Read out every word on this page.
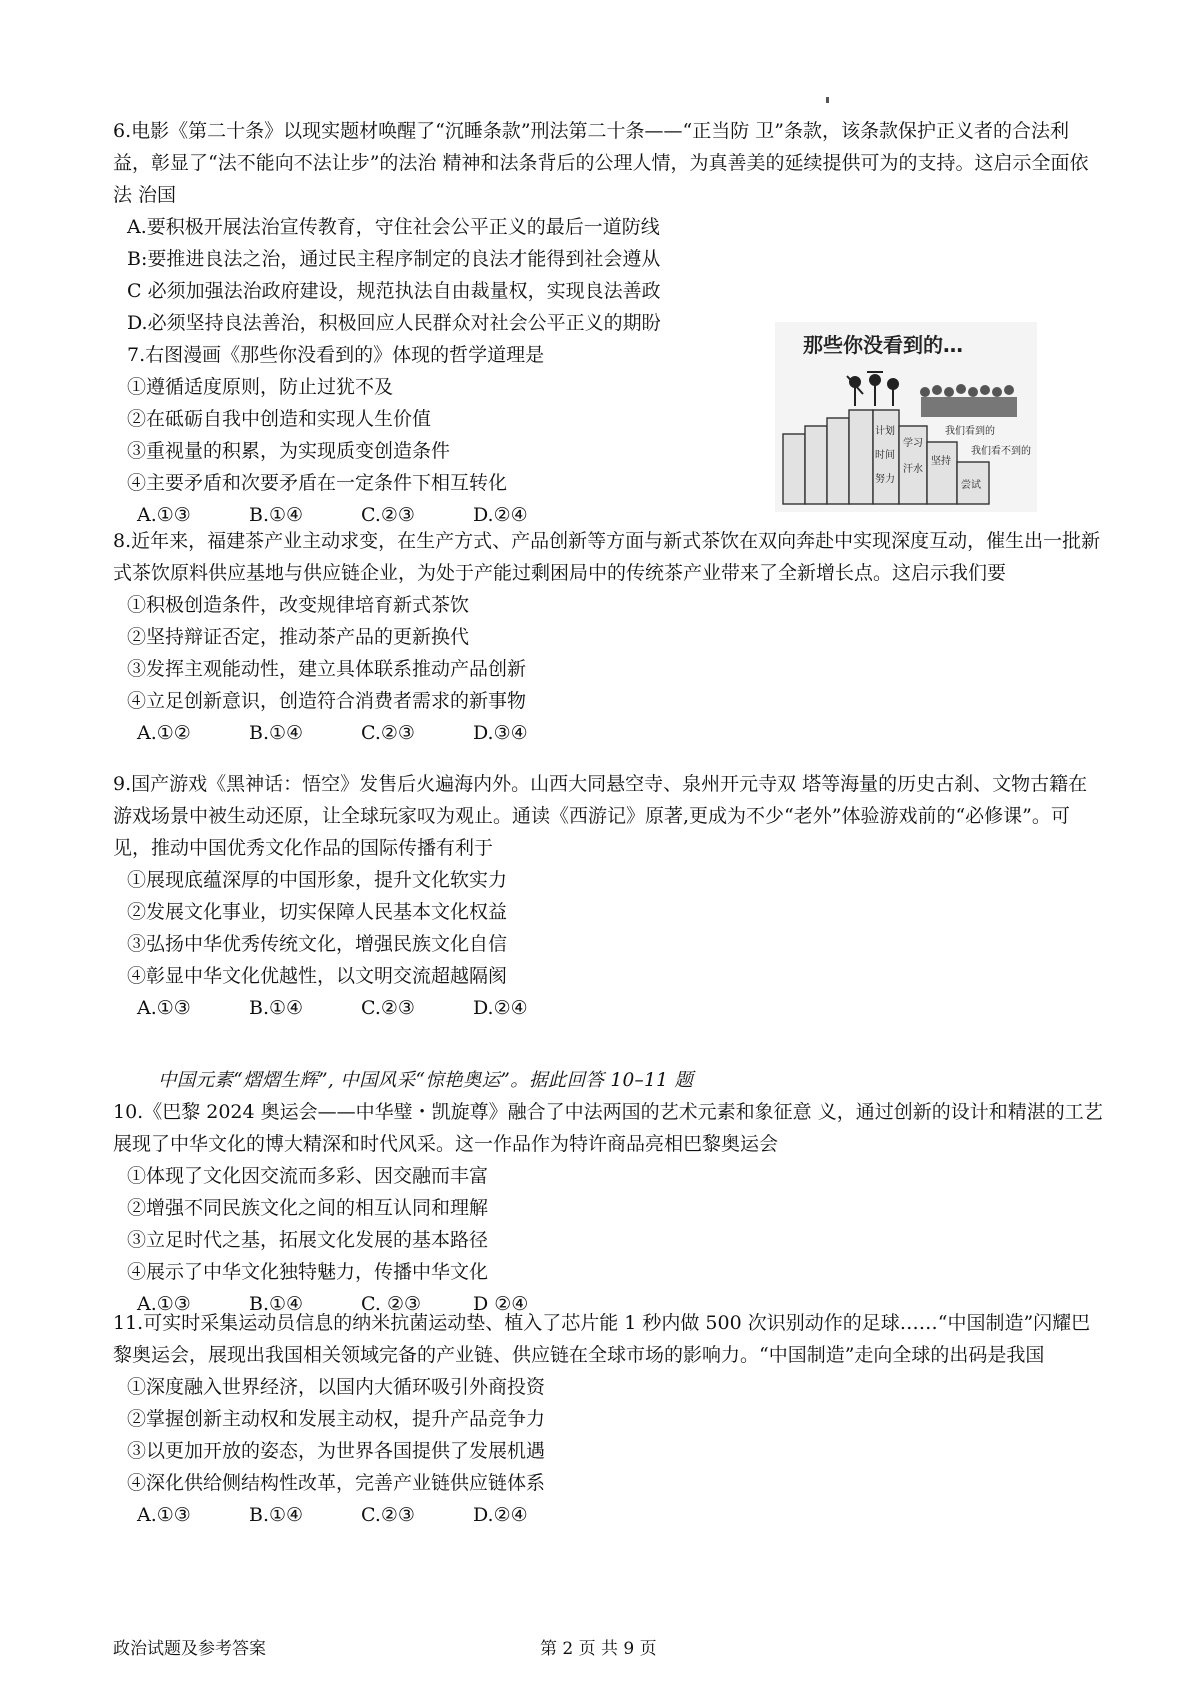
6.电影《第二十条》以现实题材唤醒了“沉睡条款”刑法第二十条——“正当防 卫”条款，该条款保护正义者的合法利益，彰显了“法不能向不法让步”的法治 精神和法条背后的公理人情，为真善美的延续提供可为的支持。这启示全面依法 治国

A.要积极开展法治宣传教育，守住社会公平正义的最后一道防线

B:要推进良法之治，通过民主程序制定的良法才能得到社会遵从

C 必须加强法治政府建设，规范执法自由裁量权，实现良法善政

D.必须坚持良法善治，积极回应人民群众对社会公平正义的期盼

7.右图漫画《那些你没看到的》体现的哲学道理是

①遵循适度原则，防止过犹不及

②在砥砺自我中创造和实现人生价值

③重视量的积累，为实现质变创造条件

④主要矛盾和次要矛盾在一定条件下相互转化

A.①③	B.①④	C.②③	D.②④
那些你没看到的…
计划
时间
努力
学习
汗水
坚持
尝试
我们看到的
我们看不到的

8.近年来，福建茶产业主动求变，在生产方式、产品创新等方面与新式茶饮在双向奔赴中实现深度互动，催生出一批新式茶饮原料供应基地与供应链企业，为处于产能过剩困局中的传统茶产业带来了全新增长点。这启示我们要

①积极创造条件，改变规律培育新式茶饮

②坚持辩证否定，推动茶产品的更新换代

③发挥主观能动性，建立具体联系推动产品创新

④立足创新意识，创造符合消费者需求的新事物

A.①②	B.①④	C.②③	D.③④

9.国产游戏《黑神话：悟空》发售后火遍海内外。山西大同悬空寺、泉州开元寺双 塔等海量的历史古刹、文物古籍在游戏场景中被生动还原，让全球玩家叹为观止。通读《西游记》原著,更成为不少“老外”体验游戏前的“必修课”。可见，推动中国优秀文化作品的国际传播有利于

①展现底蕴深厚的中国形象，提升文化软实力

②发展文化事业，切实保障人民基本文化权益

③弘扬中华优秀传统文化，增强民族文化自信

④彰显中华文化优越性，以文明交流超越隔阂

A.①③	B.①④	C.②③	D.②④
中国元素“熠熠生辉”, 中国风采“惊艳奥运”。据此回答 10–11 题

10.《巴黎 2024 奥运会——中华璧・凯旋尊》融合了中法两国的艺术元素和象征意 义，通过创新的设计和精湛的工艺展现了中华文化的博大精深和时代风采。这一作品作为特许商品亮相巴黎奥运会

①体现了文化因交流而多彩、因交融而丰富

②增强不同民族文化之间的相互认同和理解

③立足时代之基，拓展文化发展的基本路径

④展示了中华文化独特魅力，传播中华文化

A.①③	B.①④	C. ②③	D ②④

11.可实时采集运动员信息的纳米抗菌运动垫、植入了芯片能 1 秒内做 500 次识别动作的足球……“中国制造”闪耀巴黎奥运会，展现出我国相关领域完备的产业链、供应链在全球市场的影响力。“中国制造”走向全球的出码是我国

①深度融入世界经济，以国内大循环吸引外商投资

②掌握创新主动权和发展主动权，提升产品竞争力

③以更加开放的姿态，为世界各国提供了发展机遇

④深化供给侧结构性改革，完善产业链供应链体系

A.①③	B.①④	C.②③	D.②④
政治试题及参考答案	第 2 页 共 9 页
